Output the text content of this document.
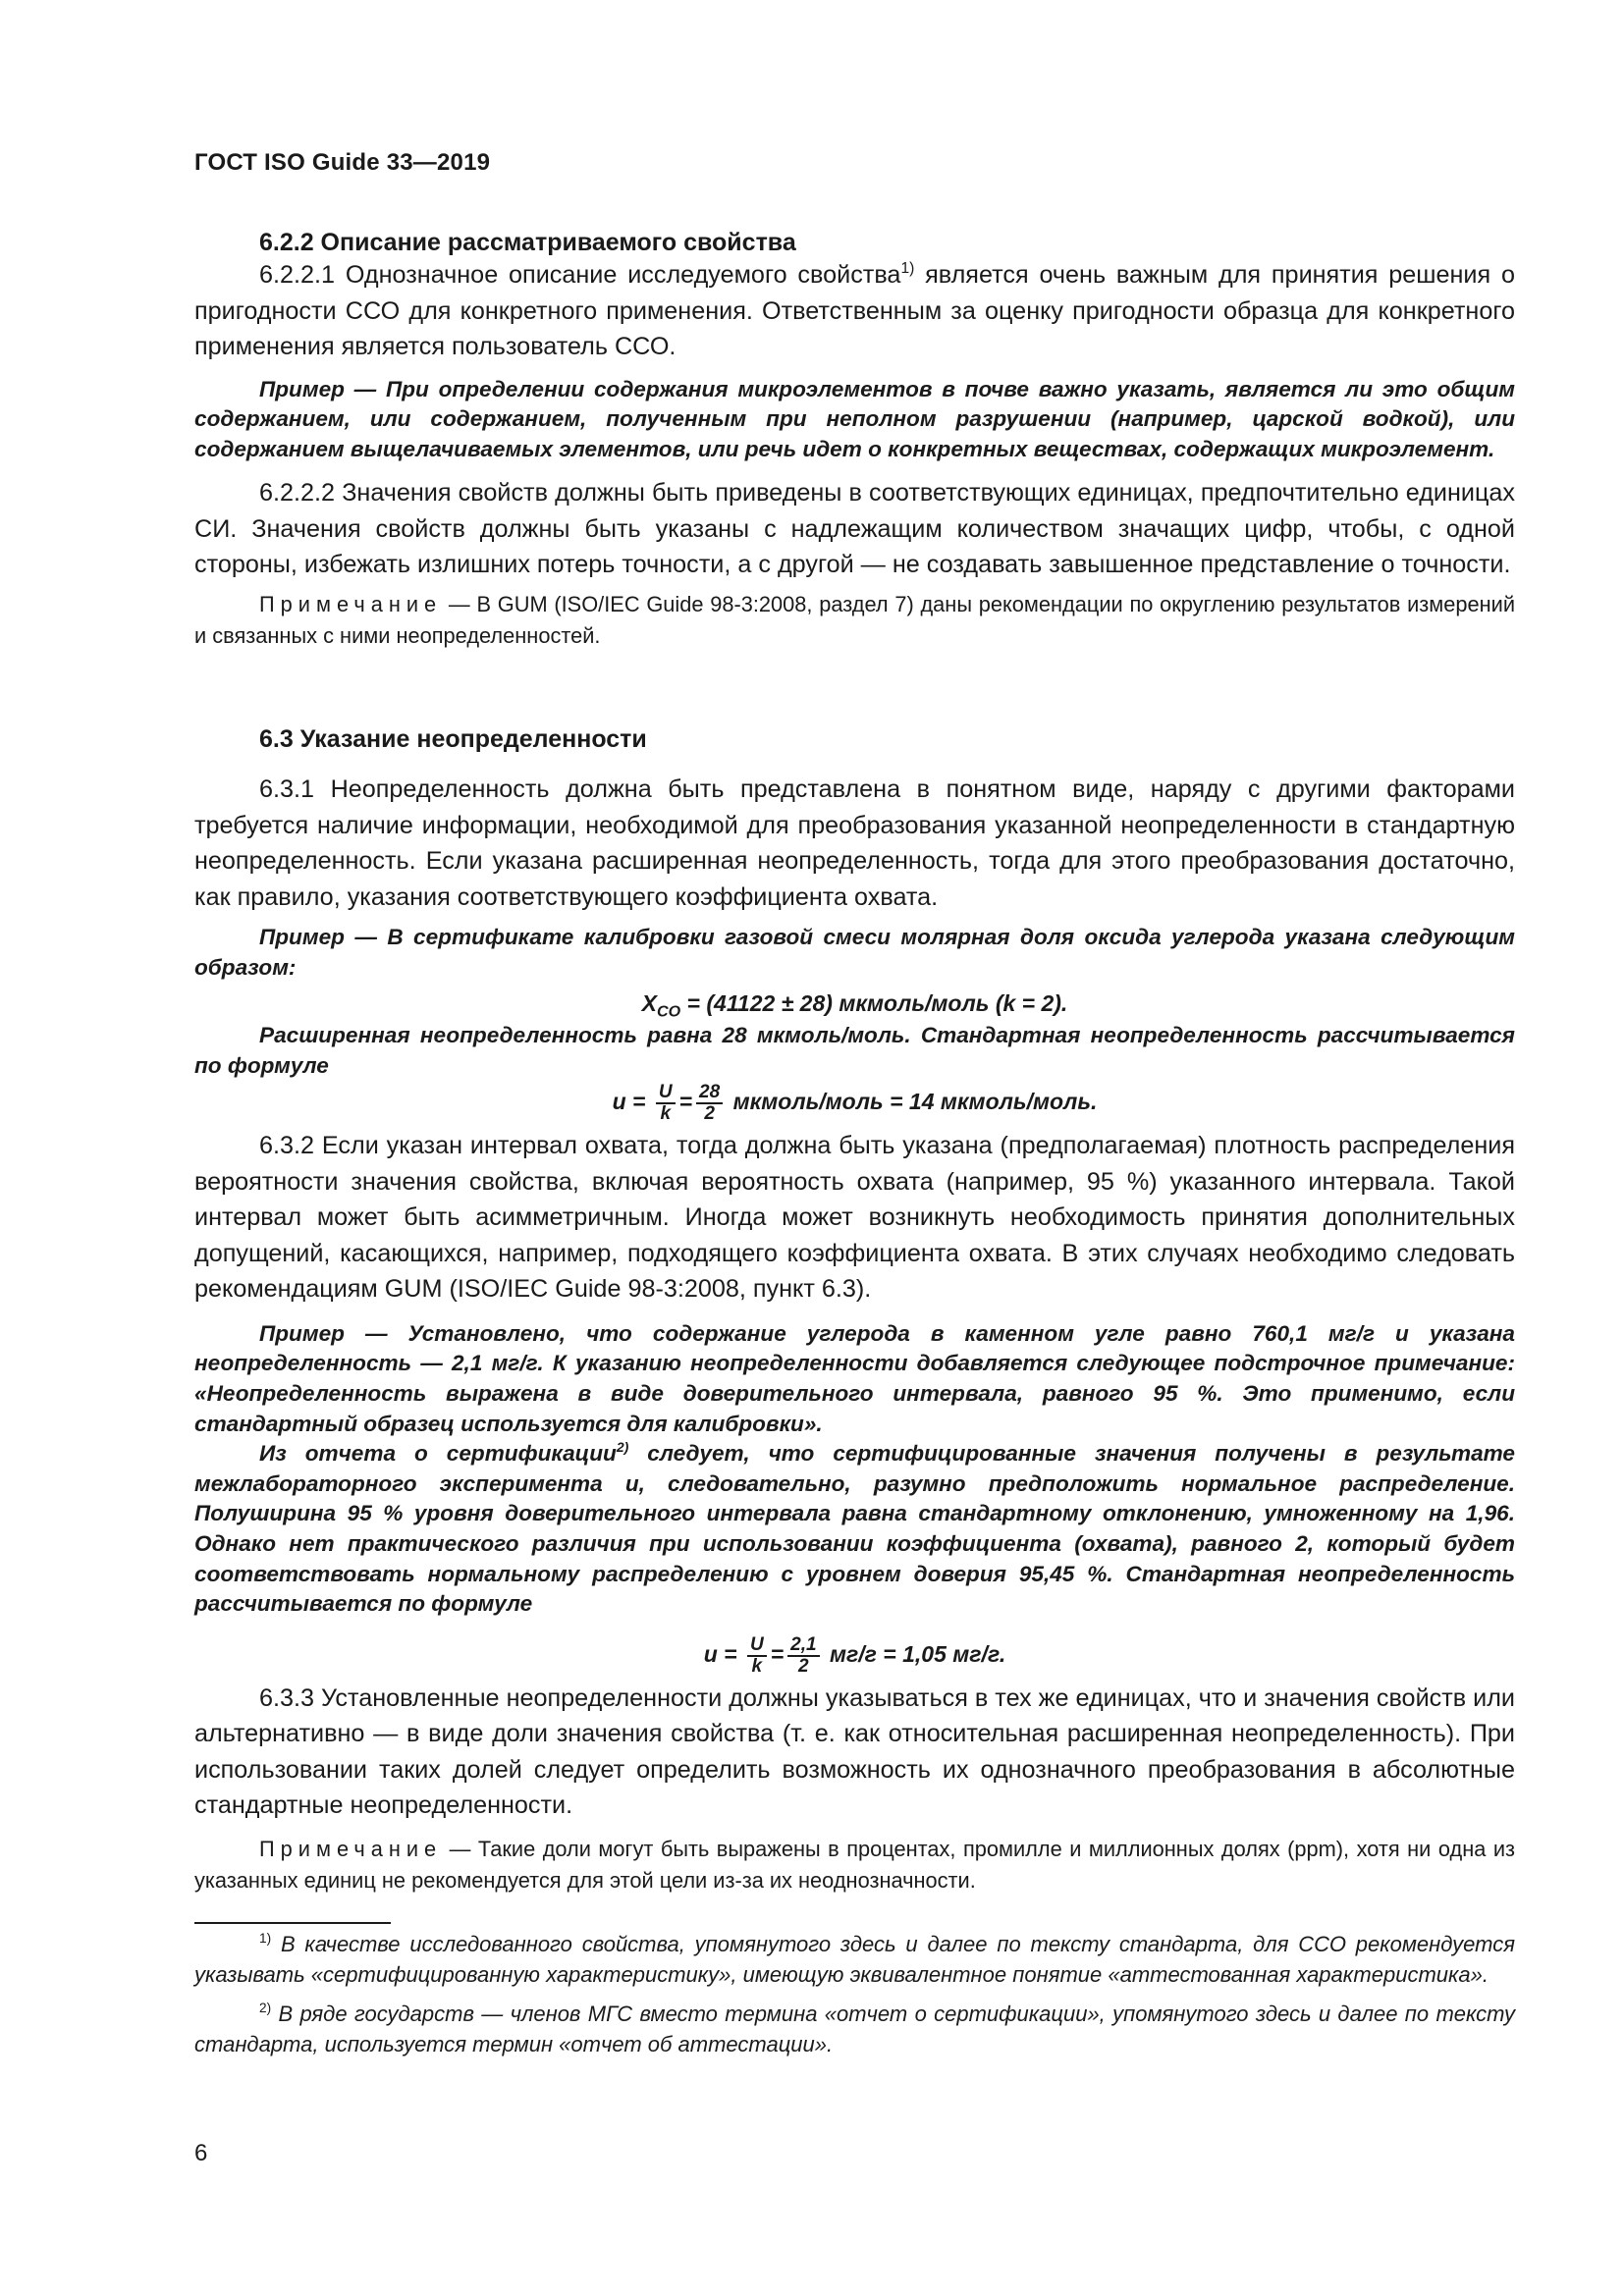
ГОСТ ISO Guide 33—2019

6.2.2 Описание рассматриваемого свойства

6.2.2.1 Однозначное описание исследуемого свойства$^{1)}$ является очень важным для принятия решения о пригодности ССО для конкретного применения. Ответственным за оценку пригодности образца для конкретного применения является пользователь ССО.

Пример — При определении содержания микроэлементов в почве важно указать, является ли это общим содержанием, или содержанием, полученным при неполном разрушении (например, царской водкой), или содержанием выщелачиваемых элементов, или речь идет о конкретных веществах, содержащих микроэлемент.

6.2.2.2 Значения свойств должны быть приведены в соответствующих единицах, предпочтительно единицах СИ. Значения свойств должны быть указаны с надлежащим количеством значащих цифр, чтобы, с одной стороны, избежать излишних потерь точности, а с другой — не создавать завышенное представление о точности.

Примечание — В GUM (ISO/IEC Guide 98-3:2008, раздел 7) даны рекомендации по округлению результатов измерений и связанных с ними неопределенностей.

6.3 Указание неопределенности

6.3.1 Неопределенность должна быть представлена в понятном виде, наряду с другими факторами требуется наличие информации, необходимой для преобразования указанной неопределенности в стандартную неопределенность. Если указана расширенная неопределенность, тогда для этого преобразования достаточно, как правило, указания соответствующего коэффициента охвата.

Пример — В сертификате калибровки газовой смеси молярная доля оксида углерода указана следующим образом:

$X_{CO} = (41122 \pm 28)$ мкмоль/моль (k = 2).

Расширенная неопределенность равна 28 мкмоль/моль. Стандартная неопределенность рассчитывается по формуле

$u = \frac{U}{k} = \frac{28}{2}$ мкмоль/моль = 14 мкмоль/моль.

6.3.2 Если указан интервал охвата, тогда должна быть указана (предполагаемая) плотность распределения вероятности значения свойства, включая вероятность охвата (например, 95 %) указанного интервала. Такой интервал может быть асимметричным. Иногда может возникнуть необходимость принятия дополнительных допущений, касающихся, например, подходящего коэффициента охвата. В этих случаях необходимо следовать рекомендациям GUM (ISO/IEC Guide 98-3:2008, пункт 6.3).

Пример — Установлено, что содержание углерода в каменном угле равно 760,1 мг/г и указана неопределенность — 2,1 мг/г. К указанию неопределенности добавляется следующее подстрочное примечание: «Неопределенность выражена в виде доверительного интервала, равного 95 %. Это применимо, если стандартный образец используется для калибровки».

Из отчета о сертификации$^{2)}$ следует, что сертифицированные значения получены в результате межлабораторного эксперимента и, следовательно, разумно предположить нормальное распределение. Полуширина 95 % уровня доверительного интервала равна стандартному отклонению, умноженному на 1,96. Однако нет практического различия при использовании коэффициента (охвата), равного 2, который будет соответствовать нормальному распределению с уровнем доверия 95,45 %. Стандартная неопределенность рассчитывается по формуле

$u = \frac{U}{k} = \frac{2,1}{2} мг/г = 1,05$ мг/г.

6.3.3 Установленные неопределенности должны указываться в тех же единицах, что и значения свойств или альтернативно — в виде доли значения свойства (т. е. как относительная расширенная неопределенность). При использовании таких долей следует определить возможность их однозначного преобразования в абсолютные стандартные неопределенности.

Примечание — Такие доли могут быть выражены в процентах, промилле и миллионных долях (ppm), хотя ни одна из указанных единиц не рекомендуется для этой цели из-за их неоднозначности.

$^{1)}$ В качестве исследованного свойства, упомянутого здесь и далее по тексту стандарта, для ССО рекомендуется указывать «сертифицированную характеристику», имеющую эквивалентное понятие «аттестованная характеристика».

$^{2)}$ В ряде государств — членов МГС вместо термина «отчет о сертификации», упомянутого здесь и далее по тексту стандарта, используется термин «отчет об аттестации».

6
